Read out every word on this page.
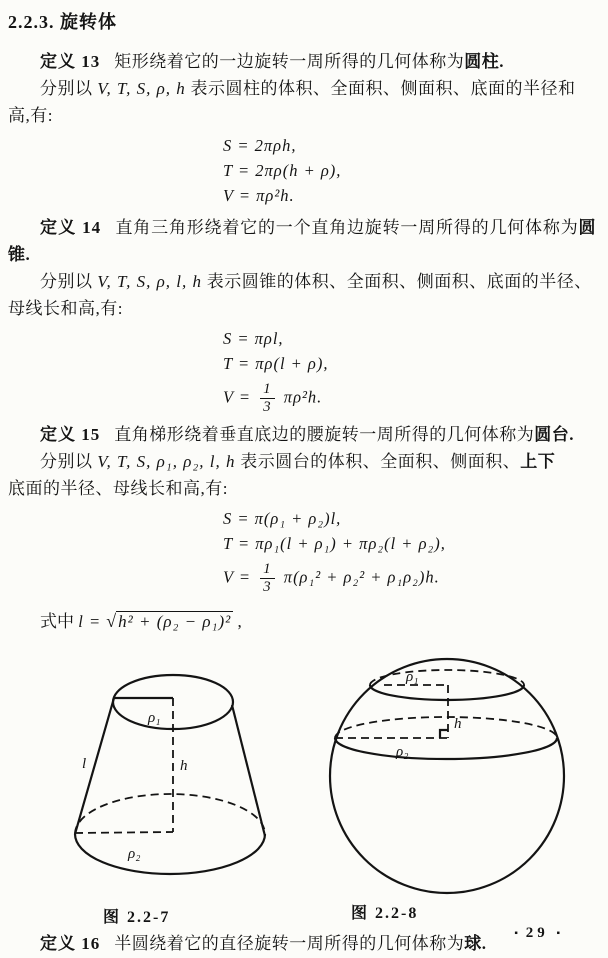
2.2.3. 旋转体
定义 13 矩形绕着它的一边旋转一周所得的几何体称为圆柱.
分别以 V, T, S, ρ, h 表示圆柱的体积、全面积、侧面积、底面的半径和
高,有:
S = 2πρh,
T = 2πρ(h + ρ),
V = πρ²h.
定义 14 直角三角形绕着它的一个直角边旋转一周所得的几何体称为圆
锥.
分别以 V, T, S, ρ, l, h 表示圆锥的体积、全面积、侧面积、底面的半径、
母线长和高,有:
S = πρl,
T = πρ(l + ρ),
$V = \frac{1}{3} \pi\rho^2h$.
定义 15 直角梯形绕着垂直底边的腰旋转一周所得的几何体称为圆台.
分别以 V, T, S, ρ₁, ρ₂, l, h 表示圆台的体积、全面积、侧面积、上下
底面的半径、母线长和高,有:
S = π(ρ₁ + ρ₂)l,
T = πρ₁(l + ρ₁) + πρ₂(l + ρ₂),
$V = \frac{1}{3} \pi(\rho_1^2 + \rho_2^2 + \rho_1\rho_2)h$.
式中 l = √ h² + (ρ₂ − ρ₁)² ,
ρ₁
l	h
ρ₂
ρ₁
h
ρ₂
图 2.2-7	图 2.2-8
定义 16 半圆绕着它的直径旋转一周所得的几何体称为球.
▪ 29 ▪
